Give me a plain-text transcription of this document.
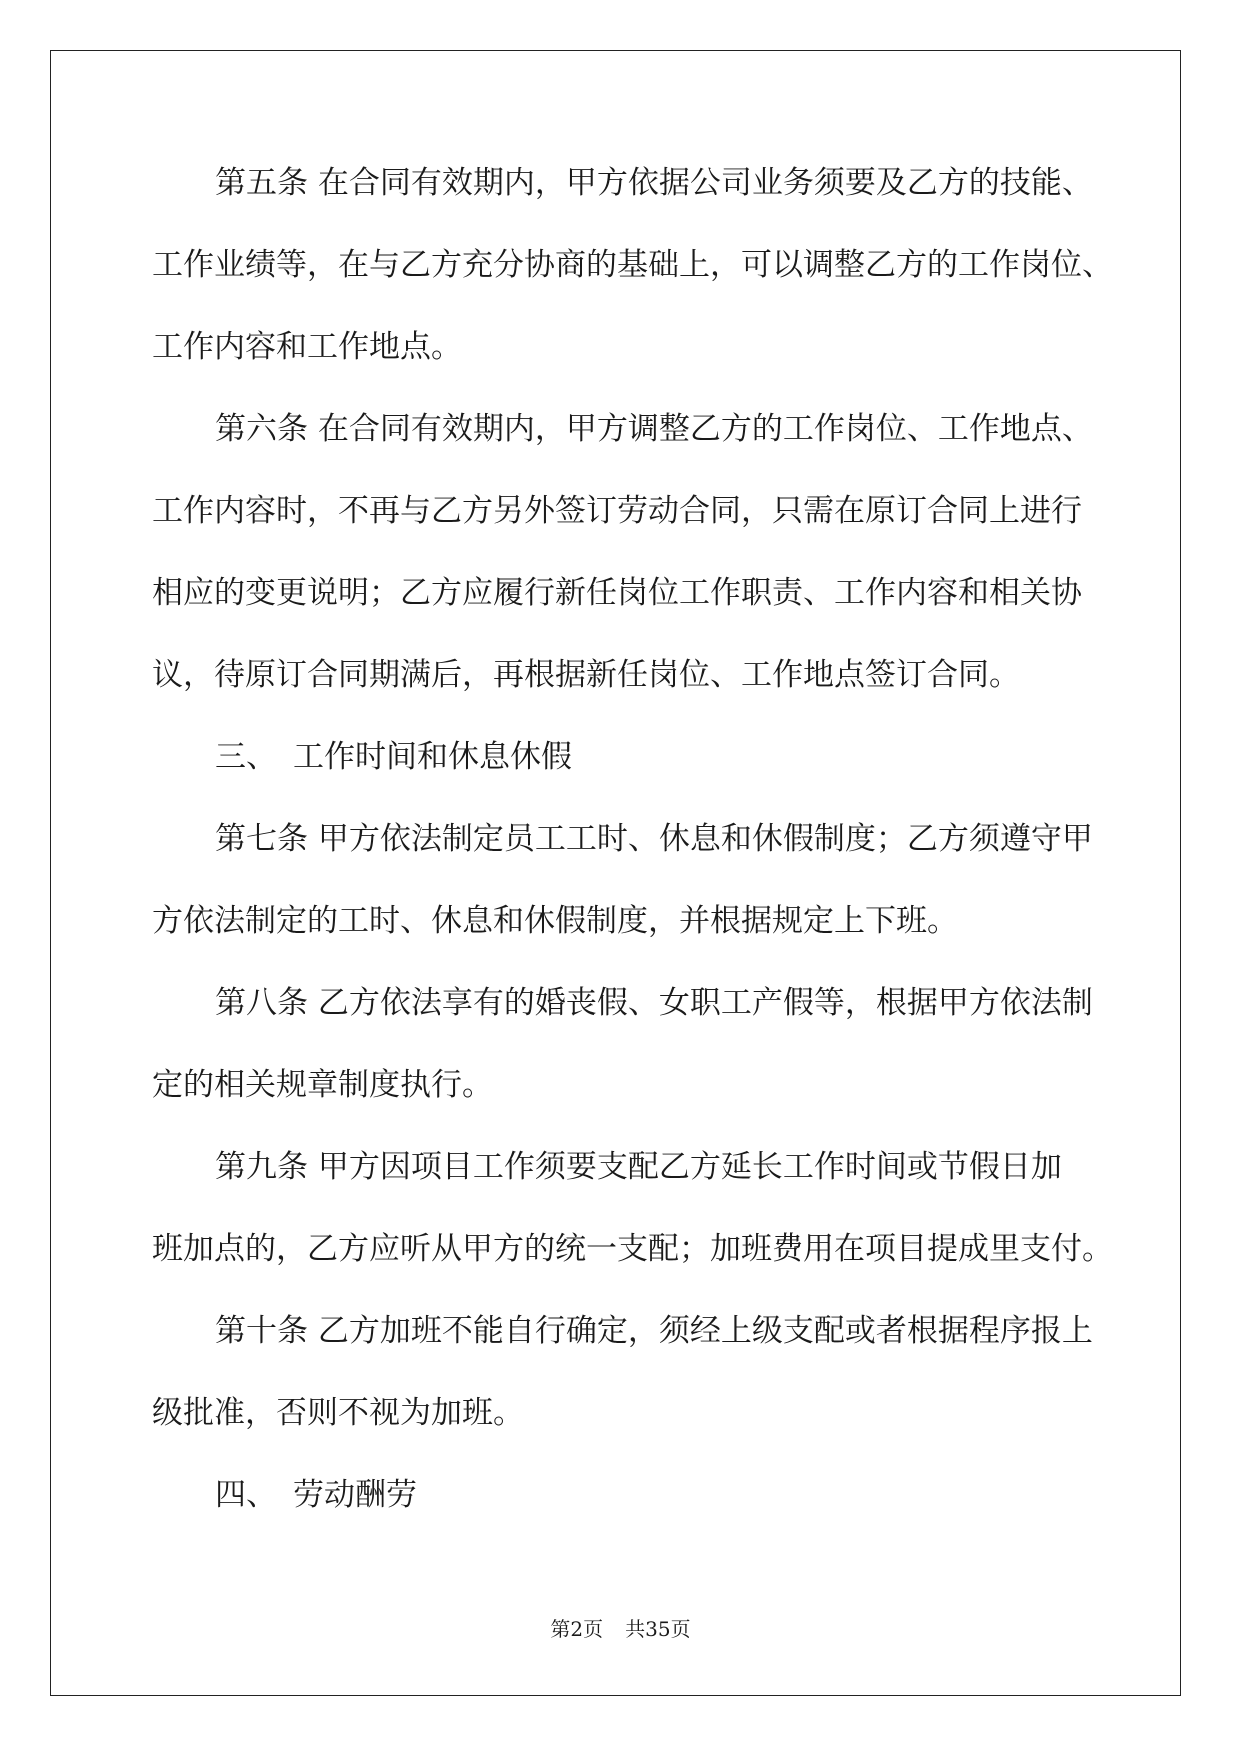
第五条 在合同有效期内，甲方依据公司业务须要及乙方的技能、

工作业绩等，在与乙方充分协商的基础上，可以调整乙方的工作岗位、

工作内容和工作地点。

第六条 在合同有效期内，甲方调整乙方的工作岗位、工作地点、

工作内容时，不再与乙方另外签订劳动合同，只需在原订合同上进行

相应的变更说明；乙方应履行新任岗位工作职责、工作内容和相关协

议，待原订合同期满后，再根据新任岗位、工作地点签订合同。

三、 工作时间和休息休假

第七条 甲方依法制定员工工时、休息和休假制度；乙方须遵守甲

方依法制定的工时、休息和休假制度，并根据规定上下班。

第八条 乙方依法享有的婚丧假、女职工产假等，根据甲方依法制

定的相关规章制度执行。

第九条 甲方因项目工作须要支配乙方延长工作时间或节假日加

班加点的，乙方应听从甲方的统一支配；加班费用在项目提成里支付。

第十条 乙方加班不能自行确定，须经上级支配或者根据程序报上

级批准，否则不视为加班。

四、 劳动酬劳

第2页 共35页
